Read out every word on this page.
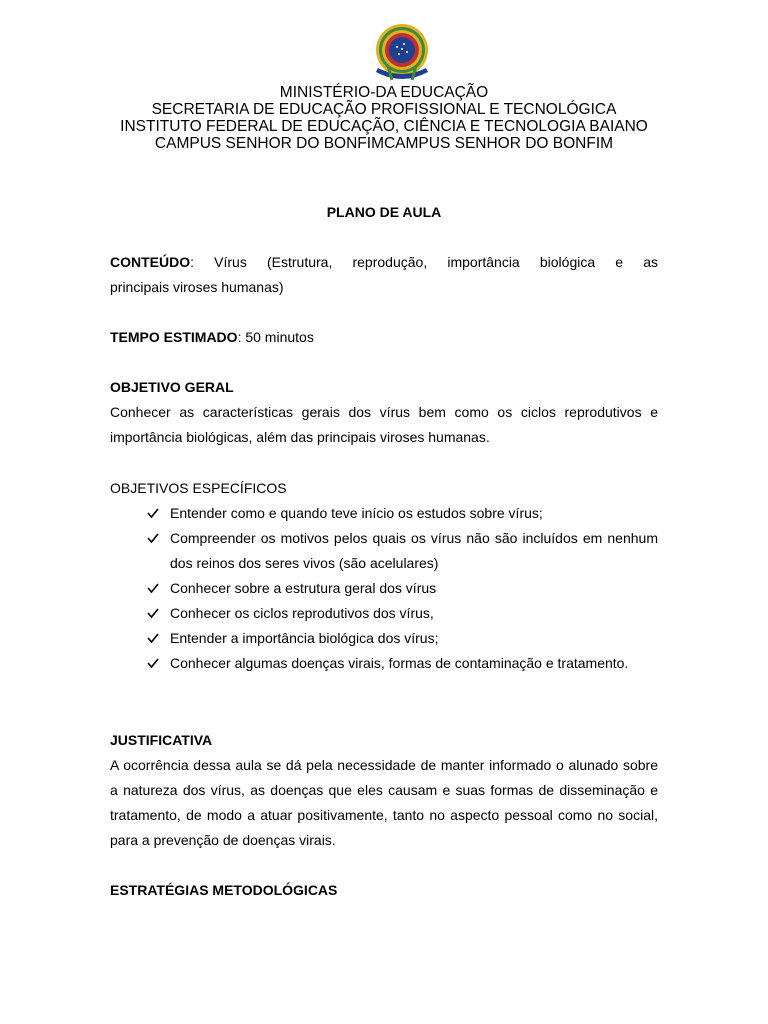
MINISTÉRIO-DA EDUCAÇÃO
SECRETARIA DE EDUCAÇÃO PROFISSIONAL E TECNOLÓGICA
INSTITUTO FEDERAL DE EDUCAÇÃO, CIÊNCIA E TECNOLOGIA BAIANO
CAMPUS SENHOR DO BONFIMCAMPUS SENHOR DO BONFIM
PLANO DE AULA
CONTEÚDO: Vírus (Estrutura, reprodução, importância biológica e as
principais viroses humanas)
TEMPO ESTIMADO: 50 minutos
OBJETIVO GERAL
Conhecer as características gerais dos vírus bem como os ciclos reprodutivos e
importância biológicas, além das principais viroses humanas.
OBJETIVOS ESPECÍFICOS
Entender como e quando teve início os estudos sobre vírus;
Compreender os motivos pelos quais os vírus não são incluídos em nenhum dos reinos dos seres vivos (são acelulares)
Conhecer sobre a estrutura geral dos vírus
Conhecer os ciclos reprodutivos dos vírus,
Entender a importância biológica dos vírus;
Conhecer algumas doenças virais, formas de contaminação e tratamento.
JUSTIFICATIVA
A ocorrência dessa aula se dá pela necessidade de manter informado o alunado sobre a natureza dos vírus, as doenças que eles causam e suas formas de disseminação e tratamento, de modo a atuar positivamente, tanto no aspecto pessoal como no social, para a prevenção de doenças virais.
ESTRATÉGIAS METODOLÓGICAS
